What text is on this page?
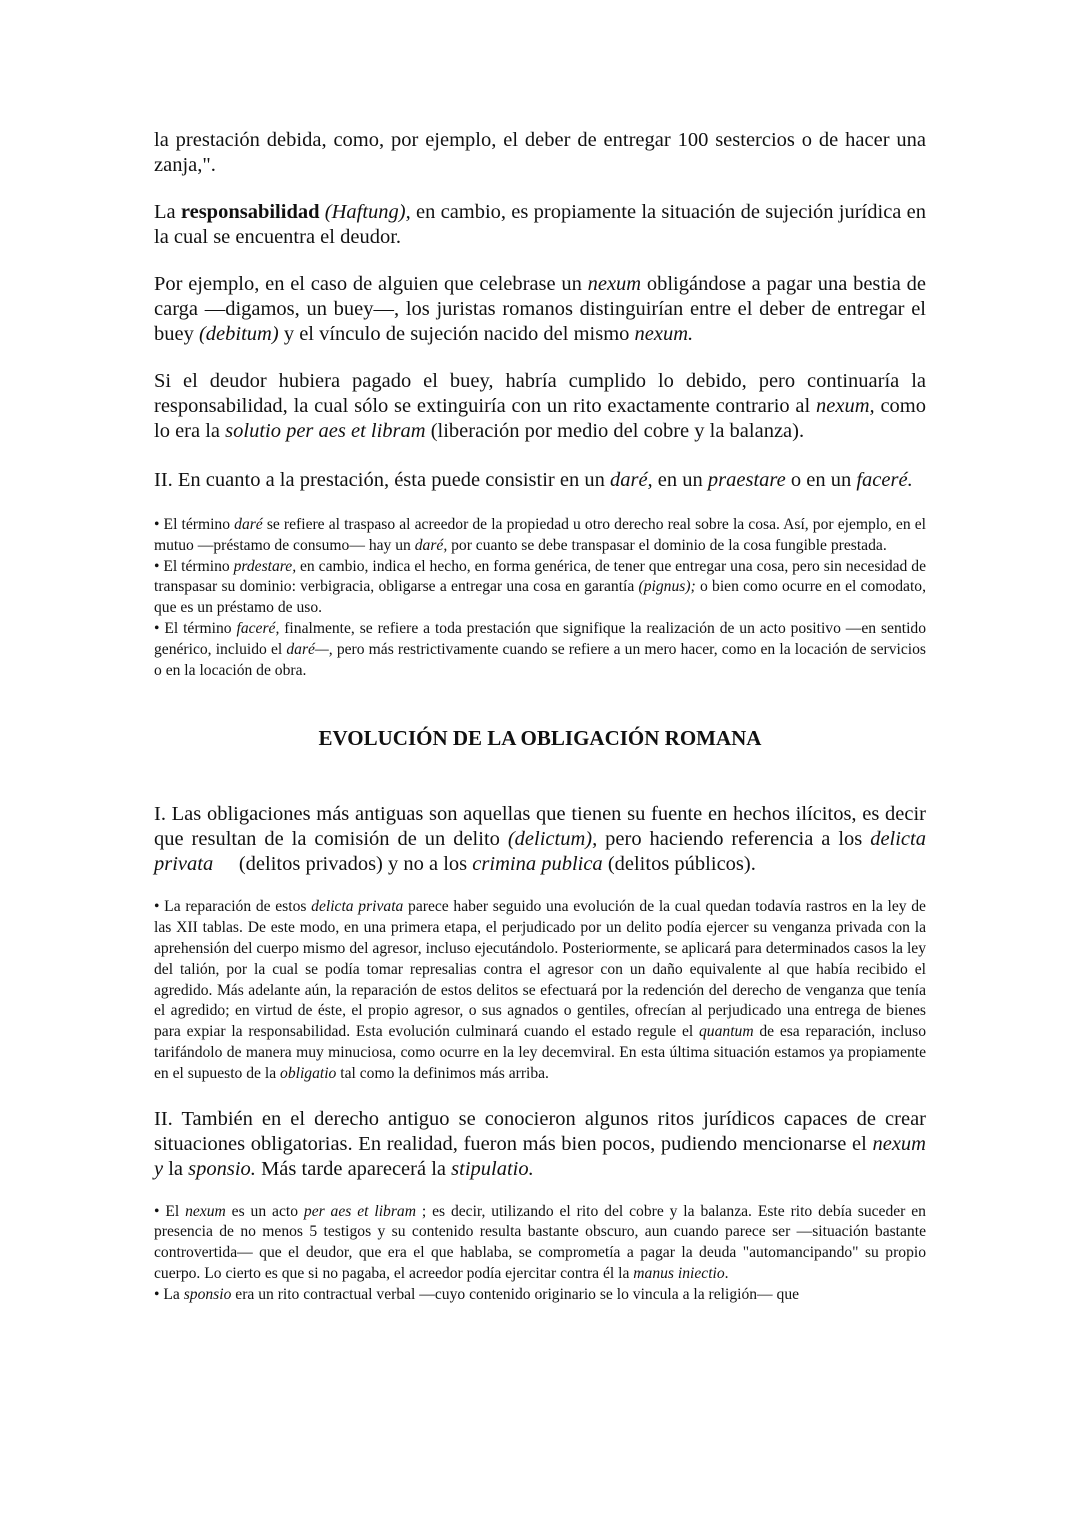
la prestación debida, como, por ejemplo, el deber de entregar 100 sestercios o de hacer una zanja,".

La responsabilidad (Haftung), en cambio, es propiamente la situación de sujeción jurídica en la cual se encuentra el deudor.

Por ejemplo, en el caso de alguien que celebrase un nexum obligándose a pagar una bestia de carga —digamos, un buey—, los juristas romanos distinguirían entre el deber de entregar el buey (debitum) y el vínculo de sujeción nacido del mismo nexum.

Si el deudor hubiera pagado el buey, habría cumplido lo debido, pero continuaría la responsabilidad, la cual sólo se extinguiría con un rito exactamente contrario al nexum, como lo era la solutio per aes et libram (liberación por medio del cobre y la balanza).

II. En cuanto a la prestación, ésta puede consistir en un daré, en un praestare o en un faceré.

• El término daré se refiere al traspaso al acreedor de la propiedad u otro derecho real sobre la cosa. Así, por ejemplo, en el mutuo —préstamo de consumo— hay un daré, por cuanto se debe transpasar el dominio de la cosa fungible prestada.

• El término prdestare, en cambio, indica el hecho, en forma genérica, de tener que entregar una cosa, pero sin necesidad de transpasar su dominio: verbigracia, obligarse a entregar una cosa en garantía (pignus); o bien como ocurre en el comodato, que es un préstamo de uso.

• El término faceré, finalmente, se refiere a toda prestación que signifique la realización de un acto positivo —en sentido genérico, incluido el daré—, pero más restrictivamente cuando se refiere a un mero hacer, como en la locación de servicios o en la locación de obra.

EVOLUCIÓN DE LA OBLIGACIÓN ROMANA

I. Las obligaciones más antiguas son aquellas que tienen su fuente en hechos ilícitos, es decir que resultan de la comisión de un delito (delictum), pero haciendo referencia a los delicta privata     (delitos privados) y no a los crimina publica (delitos públicos).

• La reparación de estos delicta privata parece haber seguido una evolución de la cual quedan todavía rastros en la ley de las XII tablas. De este modo, en una primera etapa, el perjudicado por un delito podía ejercer su venganza privada con la aprehensión del cuerpo mismo del agresor, incluso ejecutándolo. Posteriormente, se aplicará para determinados casos la ley del talión, por la cual se podía tomar represalias contra el agresor con un daño equivalente al que había recibido el agredido. Más adelante aún, la reparación de estos delitos se efectuará por la redención del derecho de venganza que tenía el agredido; en virtud de éste, el propio agresor, o sus agnados o gentiles, ofrecían al perjudicado una entrega de bienes para expiar la responsabilidad. Esta evolución culminará cuando el estado regule el quantum de esa reparación, incluso tarifándolo de manera muy minuciosa, como ocurre en la ley decemviral. En esta última situación estamos ya propiamente en el supuesto de la obligatio tal como la definimos más arriba.

II. También en el derecho antiguo se conocieron algunos ritos jurídicos capaces de crear situaciones obligatorias. En realidad, fueron más bien pocos, pudiendo mencionarse el nexum y la sponsio. Más tarde aparecerá la stipulatio.

• El nexum es un acto per aes et libram ; es decir, utilizando el rito del cobre y la balanza. Este rito debía suceder en presencia de no menos 5 testigos y su contenido resulta bastante obscuro, aun cuando parece ser —situación bastante controvertida— que el deudor, que era el que hablaba, se comprometía a pagar la deuda "automancipando" su propio cuerpo. Lo cierto es que si no pagaba, el acreedor podía ejercitar contra él la manus iniectio.

• La sponsio era un rito contractual verbal —cuyo contenido originario se lo vincula a la religión— que
